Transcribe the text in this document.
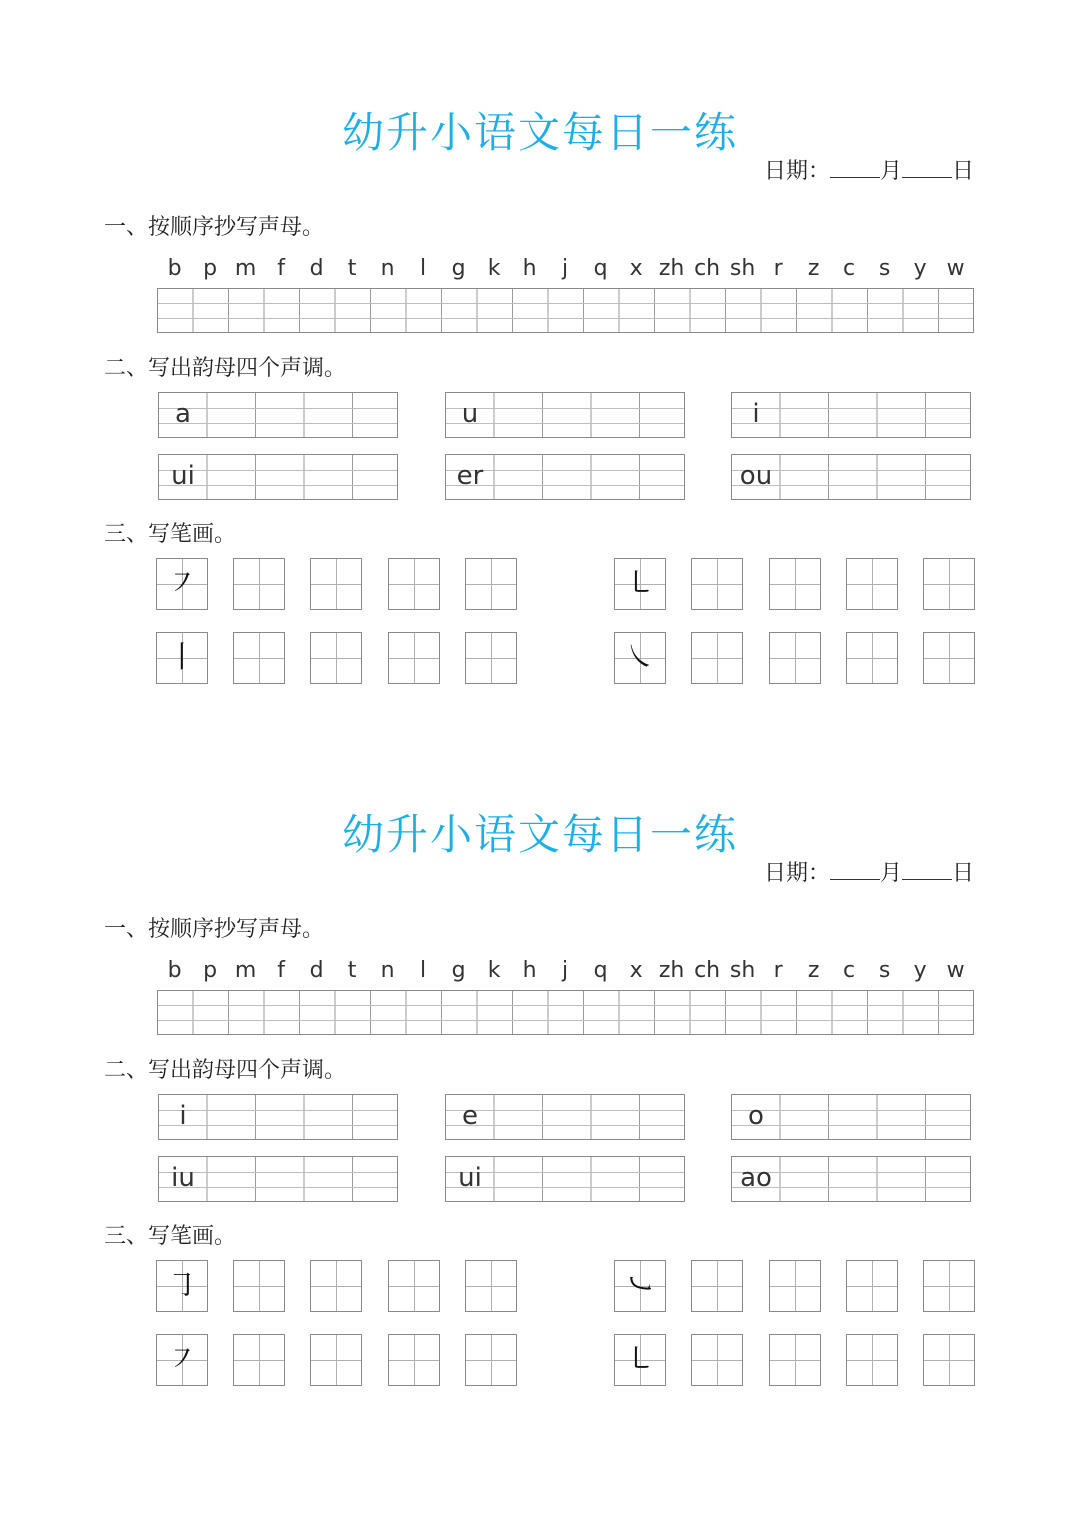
幼升小语文每日一练
日期： 月 日
一、按顺序抄写声母。
b p m f	d	t	n	l	g	k	h	j	q	x zh ch sh r	z	c	s	y w
二、写出韵母四个声调。
a	u	i
ui	er	ou
三、写笔画。
㇇	㇄
丨	㇏
幼升小语文每日一练
日期： 月 日
一、按顺序抄写声母。
b p m f	d	t	n	l	g	k	h	j	q	x zh ch sh r	z	c	s	y w
二、写出韵母四个声调。
i	e	o
iu	ui	ao
三、写笔画。
㇆	㇃
㇇	㇄
